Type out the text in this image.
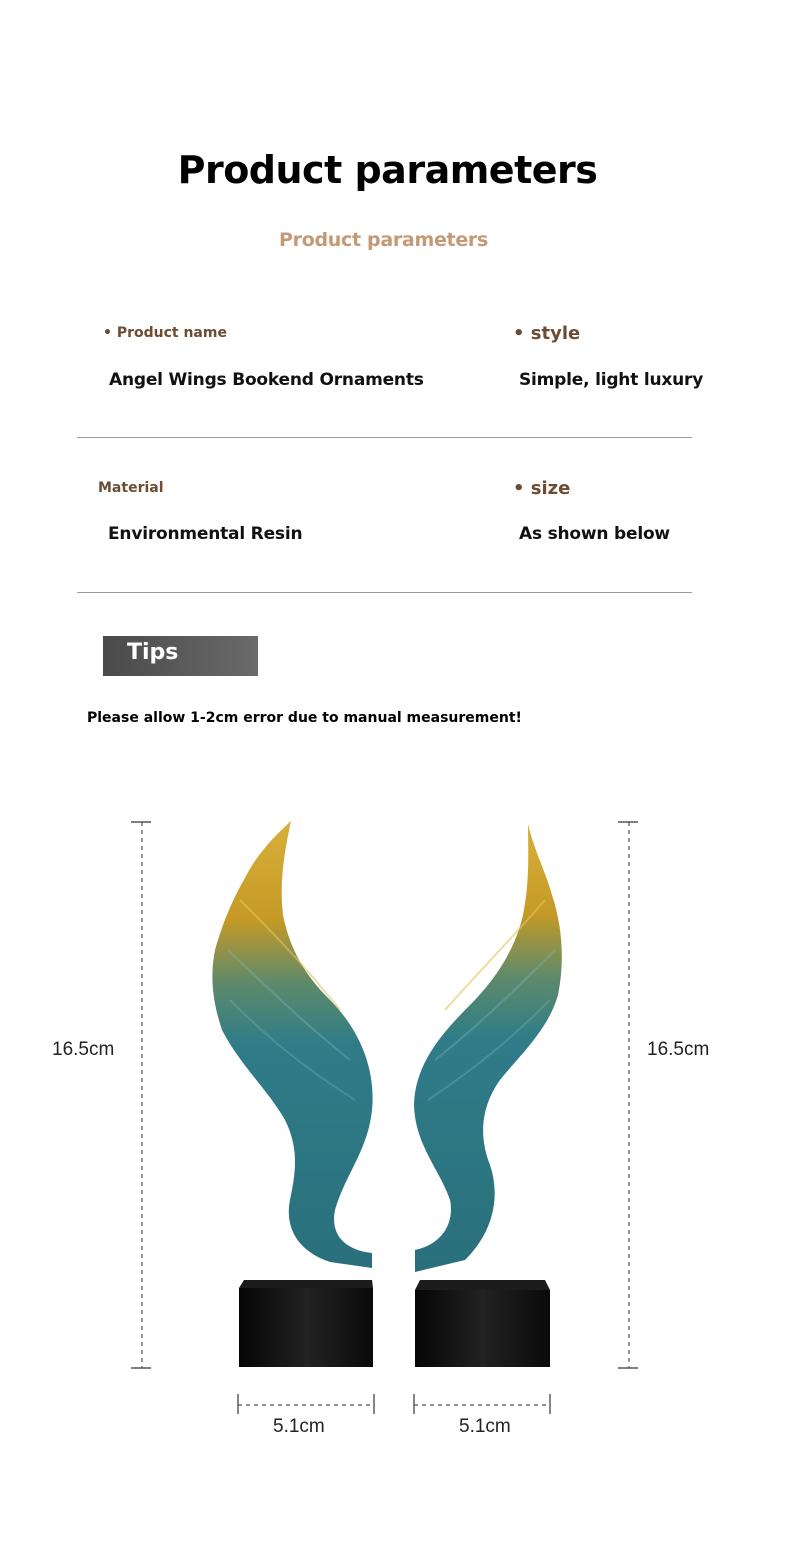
Product parameters
Product parameters
• Product name
Angel Wings Bookend Ornaments
• style
Simple, light luxury
Material
Environmental Resin
• size
As shown below
Tips
Please allow 1-2cm error due to manual measurement!
16.5cm	16.5cm
5.1cm	5.1cm
